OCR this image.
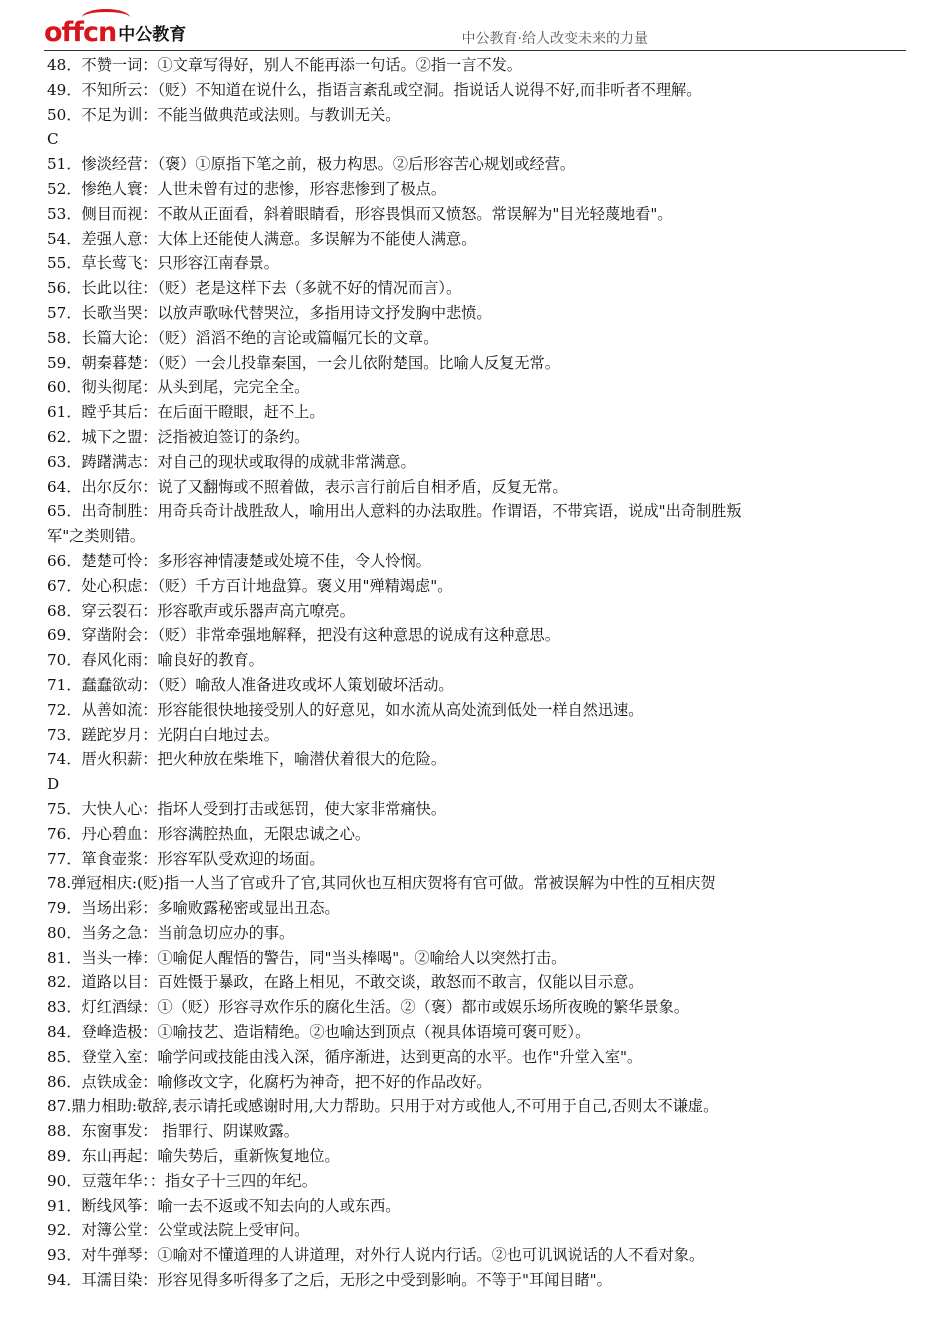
offcn 中公教育	中公教育·给人改变未来的力量
48．不赞一词：①文章写得好，别人不能再添一句话。②指一言不发。
49．不知所云：（贬）不知道在说什么，指语言紊乱或空洞。指说话人说得不好,而非听者不理解。
50．不足为训：不能当做典范或法则。与教训无关。
C
51．惨淡经营：（褒）①原指下笔之前，极力构思。②后形容苦心规划或经营。
52．惨绝人寰：人世未曾有过的悲惨，形容悲惨到了极点。
53．侧目而视：不敢从正面看，斜着眼睛看，形容畏惧而又愤怒。常误解为"目光轻蔑地看"。
54．差强人意：大体上还能使人满意。多误解为不能使人满意。
55．草长莺飞：只形容江南春景。
56．长此以往：（贬）老是这样下去（多就不好的情况而言）。
57．长歌当哭：以放声歌咏代替哭泣，多指用诗文抒发胸中悲愤。
58．长篇大论：（贬）滔滔不绝的言论或篇幅冗长的文章。
59．朝秦暮楚：（贬）一会儿投靠秦国，一会儿依附楚国。比喻人反复无常。
60．彻头彻尾：从头到尾，完完全全。
61．瞠乎其后：在后面干瞪眼，赶不上。
62．城下之盟：泛指被迫签订的条约。
63．踌躇满志：对自己的现状或取得的成就非常满意。
64．出尔反尔：说了又翻悔或不照着做，表示言行前后自相矛盾，反复无常。
65．出奇制胜：用奇兵奇计战胜敌人，喻用出人意料的办法取胜。作谓语，不带宾语，说成"出奇制胜叛
军"之类则错。
66．楚楚可怜：多形容神情凄楚或处境不佳，令人怜悯。
67．处心积虑：（贬）千方百计地盘算。褒义用"殚精竭虑"。
68．穿云裂石：形容歌声或乐器声高亢嘹亮。
69．穿凿附会：（贬）非常牵强地解释，把没有这种意思的说成有这种意思。
70．春风化雨：喻良好的教育。
71．蠢蠢欲动：（贬）喻敌人准备进攻或坏人策划破坏活动。
72．从善如流：形容能很快地接受别人的好意见，如水流从高处流到低处一样自然迅速。
73．蹉跎岁月：光阴白白地过去。
74．厝火积薪：把火种放在柴堆下，喻潜伏着很大的危险。
D
75．大快人心：指坏人受到打击或惩罚，使大家非常痛快。
76．丹心碧血：形容满腔热血，无限忠诚之心。
77．箪食壶浆：形容军队受欢迎的场面。
78.弹冠相庆:(贬)指一人当了官或升了官,其同伙也互相庆贺将有官可做。常被误解为中性的互相庆贺
79．当场出彩：多喻败露秘密或显出丑态。
80．当务之急：当前急切应办的事。
81．当头一棒：①喻促人醒悟的警告，同"当头棒喝"。②喻给人以突然打击。
82．道路以目：百姓慑于暴政，在路上相见，不敢交谈，敢怒而不敢言，仅能以目示意。
83．灯红酒绿：①（贬）形容寻欢作乐的腐化生活。②（褒）都市或娱乐场所夜晚的繁华景象。
84．登峰造极：①喻技艺、造诣精绝。②也喻达到顶点（视具体语境可褒可贬）。
85．登堂入室：喻学问或技能由浅入深，循序渐进，达到更高的水平。也作"升堂入室"。
86．点铁成金：喻修改文字，化腐朽为神奇，把不好的作品改好。
87.鼎力相助:敬辞,表示请托或感谢时用,大力帮助。只用于对方或他人,不可用于自己,否则太不谦虚。
88．东窗事发： 指罪行、阴谋败露。
89．东山再起：喻失势后，重新恢复地位。
90．豆蔻年华：：指女子十三四的年纪。
91．断线风筝：喻一去不返或不知去向的人或东西。
92．对簿公堂：公堂或法院上受审问。
93．对牛弹琴：①喻对不懂道理的人讲道理，对外行人说内行话。②也可讥讽说话的人不看对象。
94．耳濡目染：形容见得多听得多了之后，无形之中受到影响。不等于"耳闻目睹"。
